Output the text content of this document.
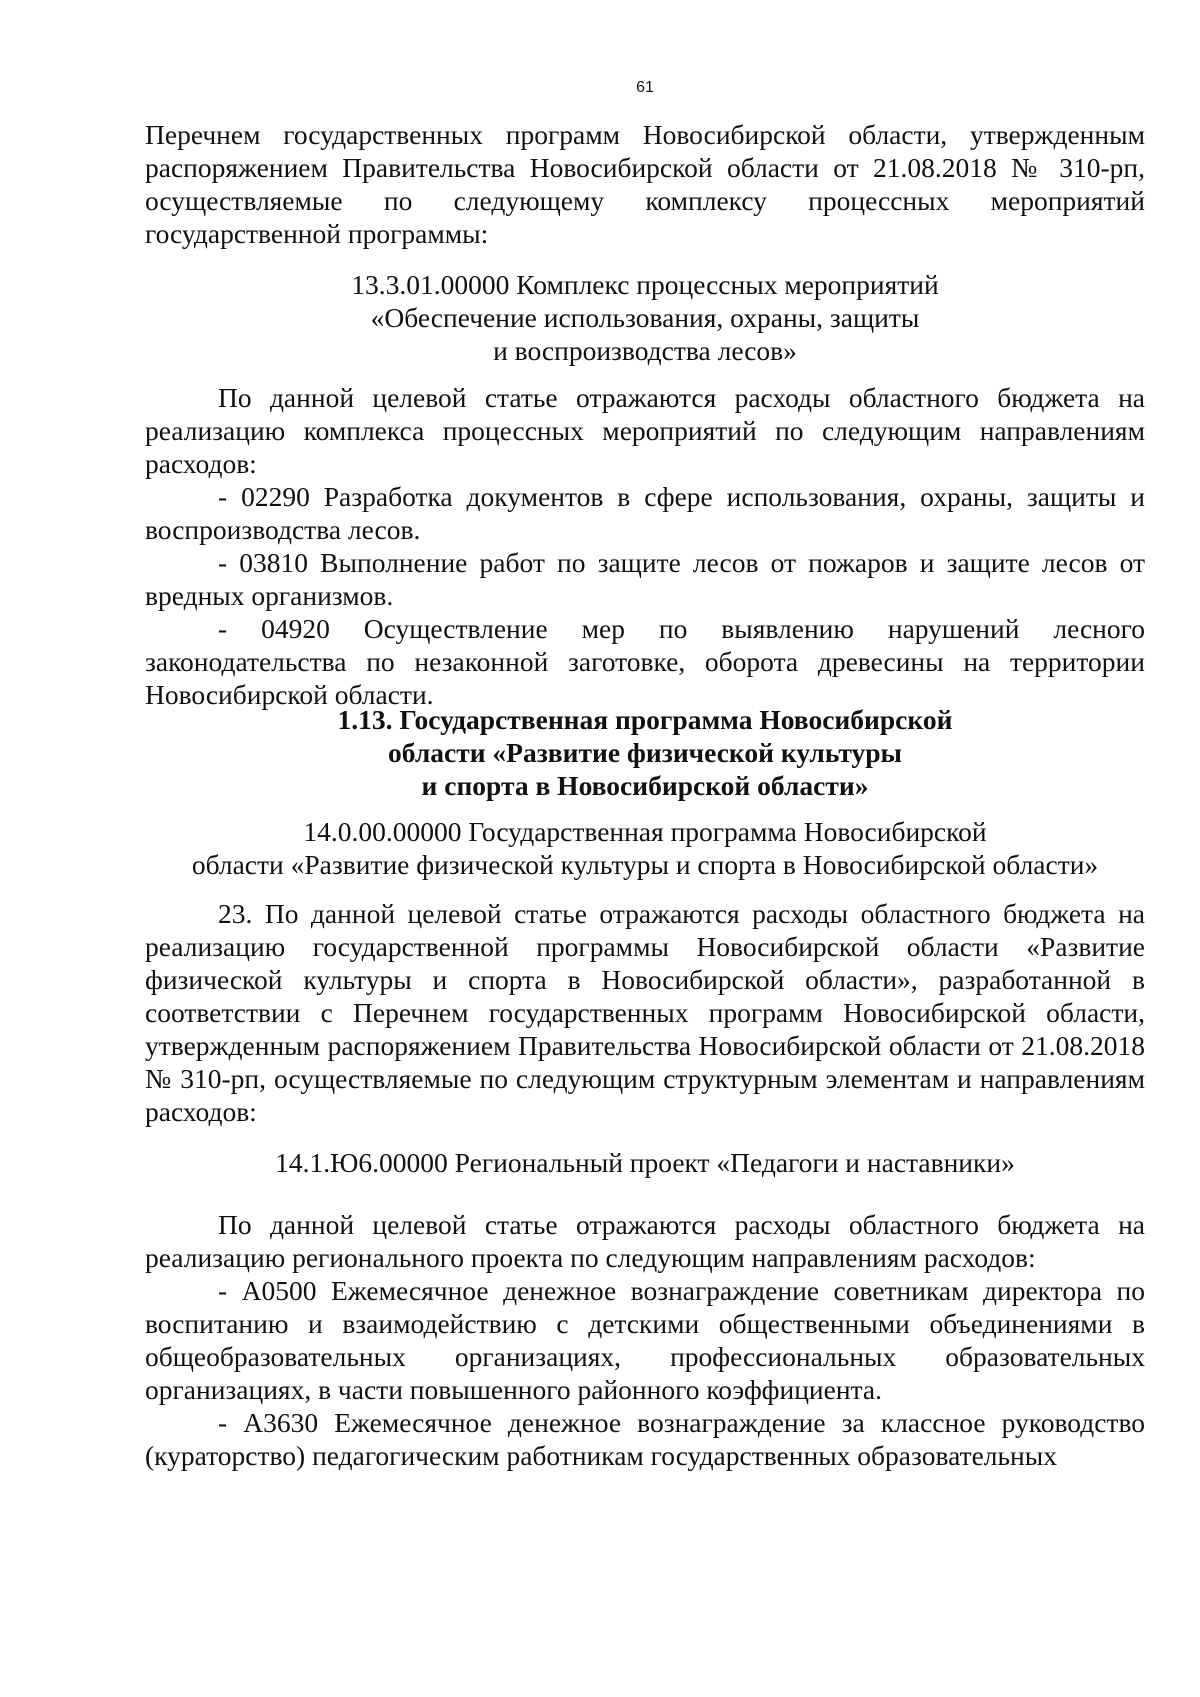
61

Перечнем государственных программ Новосибирской области, утвержденным распоряжением Правительства Новосибирской области от 21.08.2018 № 310-рп, осуществляемые по следующему комплексу процессных мероприятий государственной программы:

13.3.01.00000 Комплекс процессных мероприятий
«Обеспечение использования, охраны, защиты
и воспроизводства лесов»

По данной целевой статье отражаются расходы областного бюджета на реализацию комплекса процессных мероприятий по следующим направлениям расходов:

- 02290 Разработка документов в сфере использования, охраны, защиты и воспроизводства лесов.

- 03810 Выполнение работ по защите лесов от пожаров и защите лесов от вредных организмов.

- 04920 Осуществление мер по выявлению нарушений лесного законодательства по незаконной заготовке, оборота древесины на территории Новосибирской области.

1.13. Государственная программа Новосибирской
области «Развитие физической культуры
и спорта в Новосибирской области»

14.0.00.00000 Государственная программа Новосибирской
области «Развитие физической культуры и спорта в Новосибирской области»

23. По данной целевой статье отражаются расходы областного бюджета на реализацию государственной программы Новосибирской области «Развитие физической культуры и спорта в Новосибирской области», разработанной в соответствии с Перечнем государственных программ Новосибирской области, утвержденным распоряжением Правительства Новосибирской области от 21.08.2018 № 310-рп, осуществляемые по следующим структурным элементам и направлениям расходов:

14.1.Ю6.00000 Региональный проект «Педагоги и наставники»

По данной целевой статье отражаются расходы областного бюджета на реализацию регионального проекта по следующим направлениям расходов:

- А0500 Ежемесячное денежное вознаграждение советникам директора по воспитанию и взаимодействию с детскими общественными объединениями в общеобразовательных организациях, профессиональных образовательных организациях, в части повышенного районного коэффициента.

- А3630 Ежемесячное денежное вознаграждение за классное руководство (кураторство) педагогическим работникам государственных образовательных
